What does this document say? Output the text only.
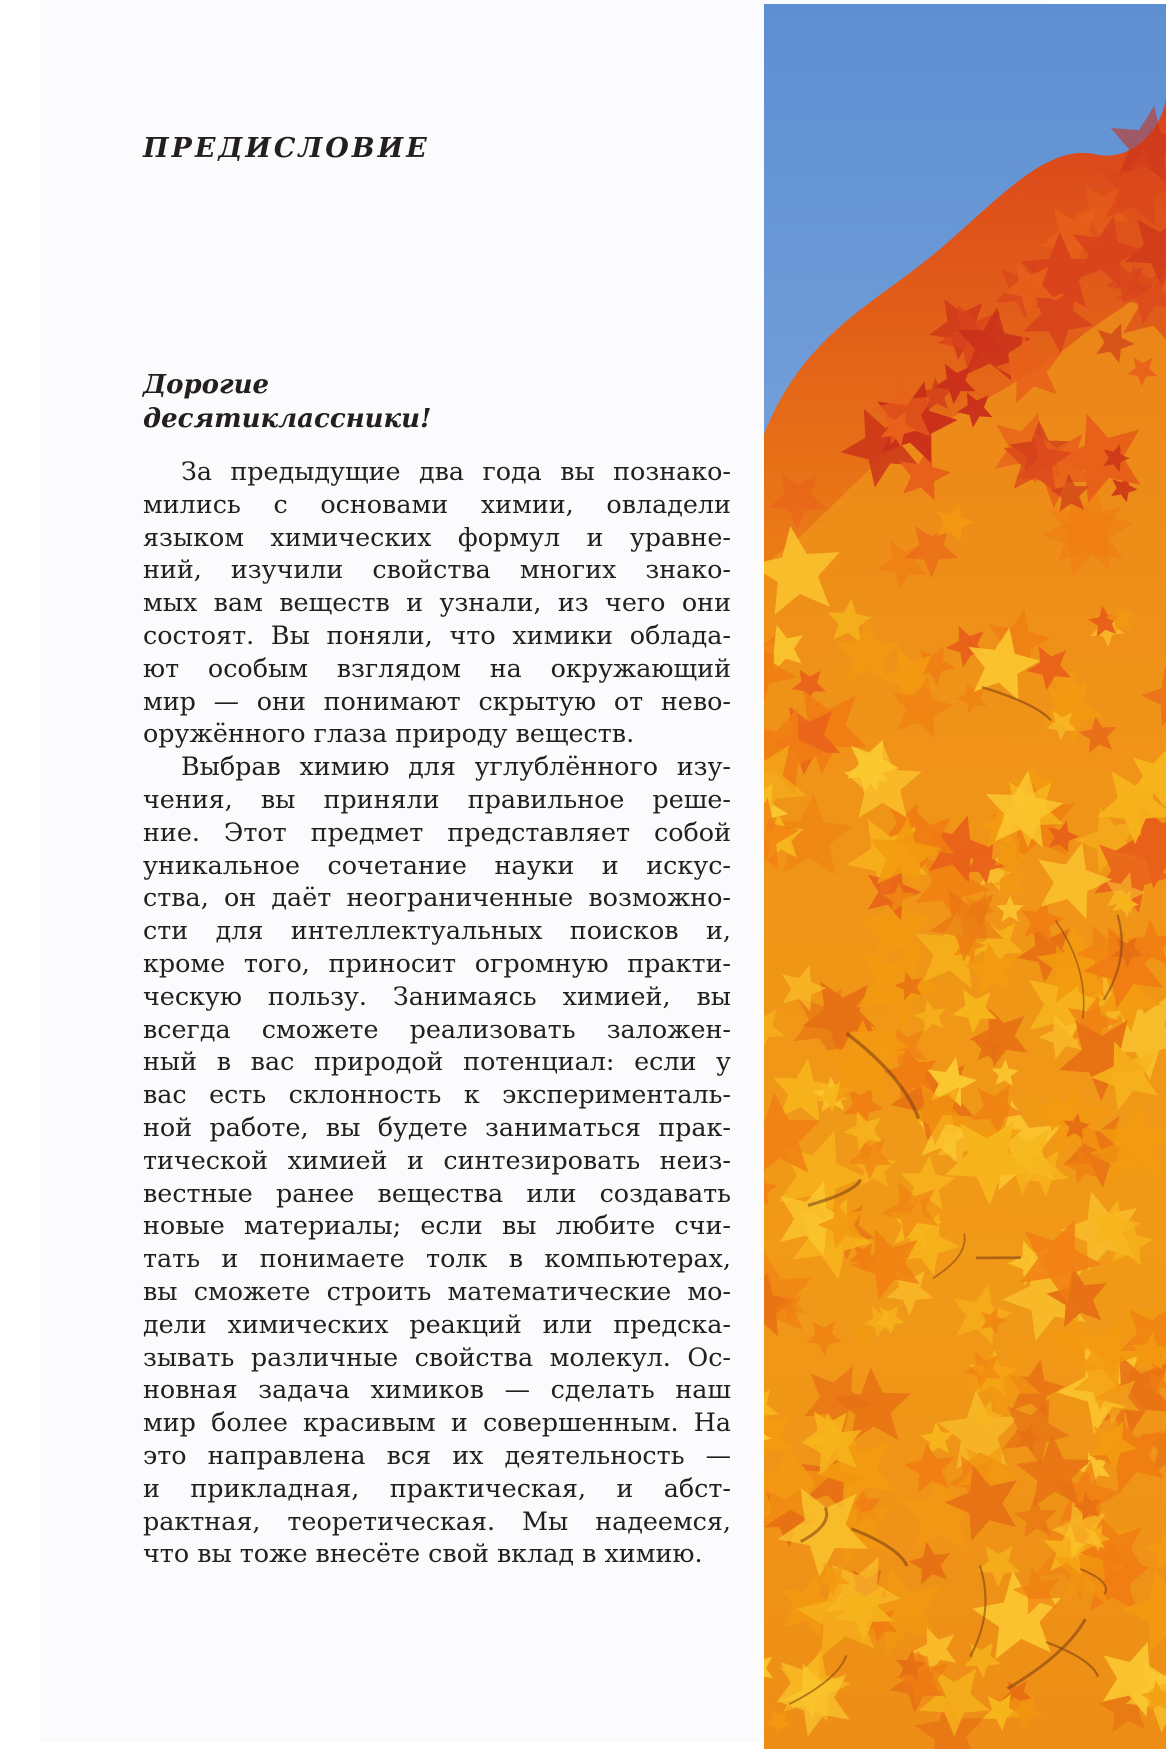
ПРЕДИСЛОВИЕ
Дорогие
десятиклассники!

За предыдущие два года вы познако-
мились с основами химии, овладели
языком химических формул и уравне-
ний, изучили свойства многих знако-
мых вам веществ и узнали, из чего они
состоят. Вы поняли, что химики облада-
ют особым взглядом на окружающий
мир — они понимают скрытую от нево-
оружённого глаза природу веществ.

Выбрав химию для углублённого изу-
чения, вы приняли правильное реше-
ние. Этот предмет представляет собой
уникальное сочетание науки и искус-
ства, он даёт неограниченные возможно-
сти для интеллектуальных поисков и,
кроме того, приносит огромную практи-
ческую пользу. Занимаясь химией, вы
всегда сможете реализовать заложен-
ный в вас природой потенциал: если у
вас есть склонность к эксперименталь-
ной работе, вы будете заниматься прак-
тической химией и синтезировать неиз-
вестные ранее вещества или создавать
новые материалы; если вы любите счи-
тать и понимаете толк в компьютерах,
вы сможете строить математические мо-
дели химических реакций или предска-
зывать различные свойства молекул. Ос-
новная задача химиков — сделать наш
мир более красивым и совершенным. На
это направлена вся их деятельность —
и прикладная, практическая, и абст-
рактная, теоретическая. Мы надеемся,
что вы тоже внесёте свой вклад в химию.
